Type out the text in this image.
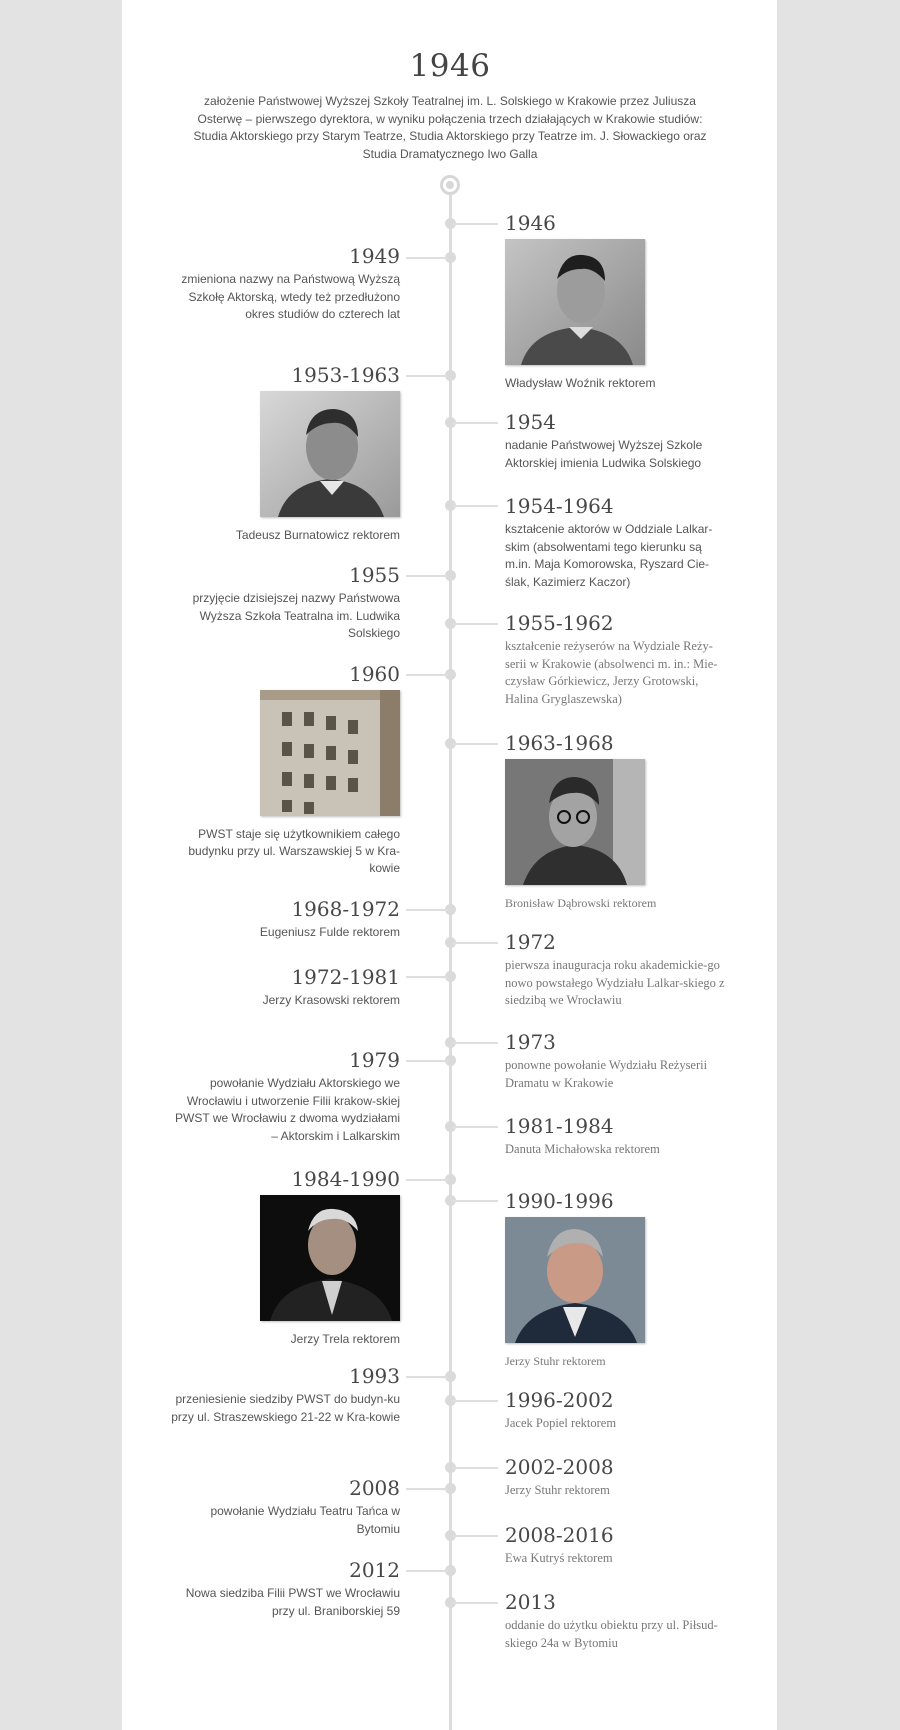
1946

założenie Państwowej Wyższej Szkoły Teatralnej im. L. Solskiego w Krakowie przez Juliusza Osterwę – pierwszego dyrektora, w wyniku połączenia trzech działających w Krakowie studiów: Studia Aktorskiego przy Starym Teatrze, Studia Aktorskiego przy Teatrze im. J. Słowackiego oraz Studia Dramatycznego Iwo Galla

1949

zmieniona nazwy na Państwową Wyższą Szkołę Aktorską, wtedy też przedłużono okres studiów do czterech lat

1953-1963

Tadeusz Burnatowicz rektorem

1955

przyjęcie dzisiejszej nazwy Państwowa Wyższa Szkoła Teatralna im. Ludwika Solskiego

1960

PWST staje się użytkownikiem całego budynku przy ul. Warszawskiej 5 w Kra-kowie

1968-1972

Eugeniusz Fulde rektorem

1972-1981

Jerzy Krasowski rektorem

1979

powołanie Wydziału Aktorskiego we Wrocławiu i utworzenie Filii krakow-skiej PWST we Wrocławiu z dwoma wydziałami – Aktorskim i Lalkarskim

1984-1990

Jerzy Trela rektorem

1993

przeniesienie siedziby PWST do budyn-ku przy ul. Straszewskiego 21-22 w Kra-kowie

2008

powołanie Wydziału Teatru Tańca w Bytomiu

2012

Nowa siedziba Filii PWST we Wrocławiu przy ul. Braniborskiej 59

1946

Władysław Woźnik rektorem

1954

nadanie Państwowej Wyższej Szkole Aktorskiej imienia Ludwika Solskiego

1954-1964

kształcenie aktorów w Oddziale Lalkar-skim (absolwentami tego kierunku są m.in. Maja Komorowska, Ryszard Cie-ślak, Kazimierz Kaczor)

1955-1962

kształcenie reżyserów na Wydziale Reży-serii w Krakowie (absolwenci m. in.: Mie-czysław Górkiewicz, Jerzy Grotowski, Halina Gryglaszewska)

1963-1968

Bronisław Dąbrowski rektorem

1972

pierwsza inauguracja roku akademickie-go nowo powstałego Wydziału Lalkar-skiego z siedzibą we Wrocławiu

1973

ponowne powołanie Wydziału Reżyserii Dramatu w Krakowie

1981-1984

Danuta Michałowska rektorem

1990-1996

Jerzy Stuhr rektorem

1996-2002

Jacek Popiel rektorem

2002-2008

Jerzy Stuhr rektorem

2008-2016

Ewa Kutryś rektorem

2013

oddanie do użytku obiektu przy ul. Piłsud-skiego 24a w Bytomiu
